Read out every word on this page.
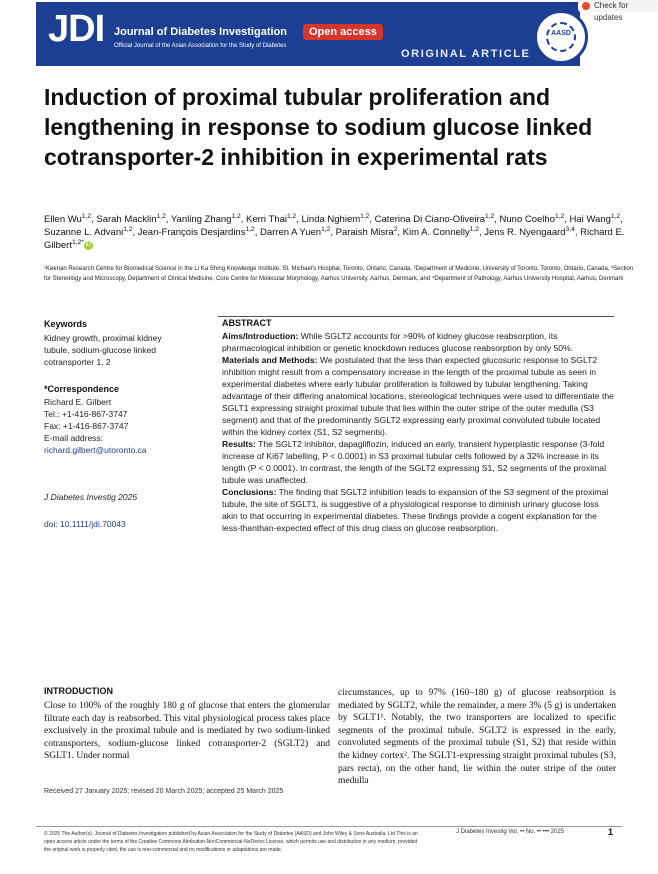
JDI Journal of Diabetes Investigation	Open access
Official Journal of the Asian Association for the Study of Diabetes
ORIGINAL ARTICLE
AASD
Check for updates
Induction of proximal tubular proliferation and lengthening in response to sodium glucose linked cotransporter-2 inhibition in experimental rats
Ellen Wu$^{1,2}$, Sarah Macklin$^{1,2}$, Yanling Zhang$^{1,2}$, Kerri Thai$^{1,2}$, Linda Nghiem$^{1,2}$, Caterina Di Ciano-Oliveira$^{1,2}$, Nuno Coelho$^{1,2}$, Hai Wang$^{1,2}$, Suzanne L. Advani$^{1,2}$, Jean-François Desjardins$^{1,2}$, Darren A Yuen$^{1,2}$, Paraish Misra$^2$, Kim A. Connelly$^{1,2}$, Jens R. Nyengaard$^{3,4}$, Richard E. Gilbert$^{1,2*}$ iD
¹Keenan Research Centre for Biomedical Science in the Li Ka Shing Knowledge Institute, St. Michael's Hospital, Toronto, Ontario, Canada, ²Department of Medicine, University of Toronto, Toronto, Ontario, Canada, ³Section for Stereology and Microscopy, Department of Clinical Medicine, Core Centre for Molecular Morphology, Aarhus University, Aarhus, Denmark, and ⁴Department of Pathology, Aarhus University Hospital, Aarhus, Denmark
Keywords
Kidney growth, proximal kidney tubule, sodium-glucose linked cotransporter 1, 2
*Correspondence
Richard E. Gilbert
Tel.: +1-416-867-3747
Fax: +1-416-867-3747
E-mail address:
richard.gilbert@utoronto.ca
J Diabetes Investig 2025
doi: 10.1111/jdi.70043
ABSTRACT

Aims/Introduction: While SGLT2 accounts for >90% of kidney glucose reabsorption, its pharmacological inhibition or genetic knockdown reduces glucose reabsorption by only 50%.

Materials and Methods: We postulated that the less than expected glucosuric response to SGLT2 inhibition might result from a compensatory increase in the length of the proximal tubule as seen in experimental diabetes where early tubular proliferation is followed by tubular lengthening. Taking advantage of their differing anatomical locations, stereological techniques were used to differentiate the SGLT1 expressing straight proximal tubule that lies within the outer stripe of the outer medulla (S3 segment) and that of the predominantly SGLT2 expressing early proximal convoluted tubule located within the kidney cortex (S1, S2 segments).

Results: The SGLT2 inhibitor, dapagliflozin, induced an early, transient hyperplastic response (3-fold increase of Ki67 labelling, P < 0.0001) in S3 proximal tubular cells followed by a 32% increase in its length (P < 0.0001). In contrast, the length of the SGLT2 expressing S1, S2 segments of the proximal tubule was unaffected.

Conclusions: The finding that SGLT2 inhibition leads to expansion of the S3 segment of the proximal tubule, the site of SGLT1, is suggestive of a physiological response to diminish urinary glucose loss akin to that occurring in experimental diabetes. These findings provide a cogent explanation for the less-thanthan-expected effect of this drug class on glucose reabsorption.

INTRODUCTION
Close to 100% of the roughly 180 g of glucose that enters the glomerular filtrate each day is reabsorbed. This vital physiological process takes place exclusively in the proximal tubule and is mediated by two sodium-linked cotransporters, sodium-glucose linked cotransporter-2 (SGLT2) and SGLT1. Under normal
circumstances, up to 97% (160–180 g) of glucose reabsorption is mediated by SGLT2, while the remainder, a mere 3% (5 g) is undertaken by SGLT1¹. Notably, the two transporters are localized to specific segments of the proximal tubule. SGLT2 is expressed in the early, convoluted segments of the proximal tubule (S1, S2) that reside within the kidney cortex². The SGLT1-expressing straight proximal tubules (S3, pars recta), on the other hand, lie within the outer stripe of the outer medulla
Received 27 January 2025; revised 20 March 2025; accepted 25 March 2025
© 2025 The Author(s). Journal of Diabetes Investigation published by Asian Association for the Study of Diabetes (AASD) and John Wiley & Sons Australia, Ltd This is an open access article under the terms of the Creative Commons Attribution-NonCommercial-NoDerivs License, which permits use and distribution in any medium, provided the original work is properly cited, the use is non-commercial and no modifications or adaptations are made.
J Diabetes Investig Vol. •• No. •• ••• 2025	1
